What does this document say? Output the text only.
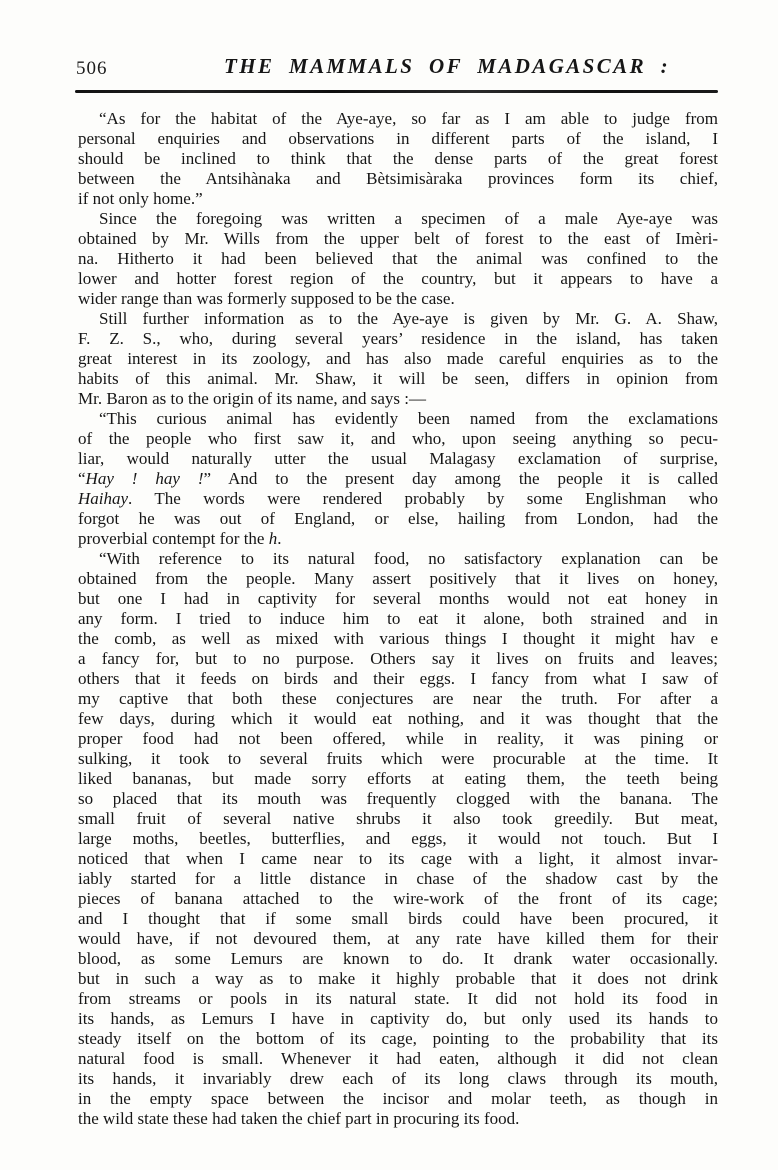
506	THE MAMMALS OF MADAGASCAR :
“As for the habitat of the Aye-aye, so far as I am able to judge from
personal enquiries and observations in different parts of the island, I
should be inclined to think that the dense parts of the great forest
between the Antsihànaka and Bètsimisàraka provinces form its chief,
if not only home.”
Since the foregoing was written a specimen of a male Aye-aye was
obtained by Mr. Wills from the upper belt of forest to the east of Imèri-
na. Hitherto it had been believed that the animal was confined to the
lower and hotter forest region of the country, but it appears to have a
wider range than was formerly supposed to be the case.
Still further information as to the Aye-aye is given by Mr. G. A. Shaw,
F. Z. S., who, during several years’ residence in the island, has taken
great interest in its zoology, and has also made careful enquiries as to the
habits of this animal. Mr. Shaw, it will be seen, differs in opinion from
Mr. Baron as to the origin of its name, and says :—
“This curious animal has evidently been named from the exclamations
of the people who first saw it, and who, upon seeing anything so pecu-
liar, would naturally utter the usual Malagasy exclamation of surprise,
“Hay ! hay !” And to the present day among the people it is called
Haihay. The words were rendered probably by some Englishman who
forgot he was out of England, or else, hailing from London, had the
proverbial contempt for the h.
“With reference to its natural food, no satisfactory explanation can be
obtained from the people. Many assert positively that it lives on honey,
but one I had in captivity for several months would not eat honey in
any form. I tried to induce him to eat it alone, both strained and in
the comb, as well as mixed with various things I thought it might hav e
a fancy for, but to no purpose. Others say it lives on fruits and leaves;
others that it feeds on birds and their eggs. I fancy from what I saw of
my captive that both these conjectures are near the truth. For after a
few days, during which it would eat nothing, and it was thought that the
proper food had not been offered, while in reality, it was pining or
sulking, it took to several fruits which were procurable at the time. It
liked bananas, but made sorry efforts at eating them, the teeth being
so placed that its mouth was frequently clogged with the banana. The
small fruit of several native shrubs it also took greedily. But meat,
large moths, beetles, butterflies, and eggs, it would not touch. But I
noticed that when I came near to its cage with a light, it almost invar-
iably started for a little distance in chase of the shadow cast by the
pieces of banana attached to the wire-work of the front of its cage;
and I thought that if some small birds could have been procured, it
would have, if not devoured them, at any rate have killed them for their
blood, as some Lemurs are known to do. It drank water occasionally.
but in such a way as to make it highly probable that it does not drink
from streams or pools in its natural state. It did not hold its food in
its hands, as Lemurs I have in captivity do, but only used its hands to
steady itself on the bottom of its cage, pointing to the probability that its
natural food is small. Whenever it had eaten, although it did not clean
its hands, it invariably drew each of its long claws through its mouth,
in the empty space between the incisor and molar teeth, as though in
the wild state these had taken the chief part in procuring its food.
